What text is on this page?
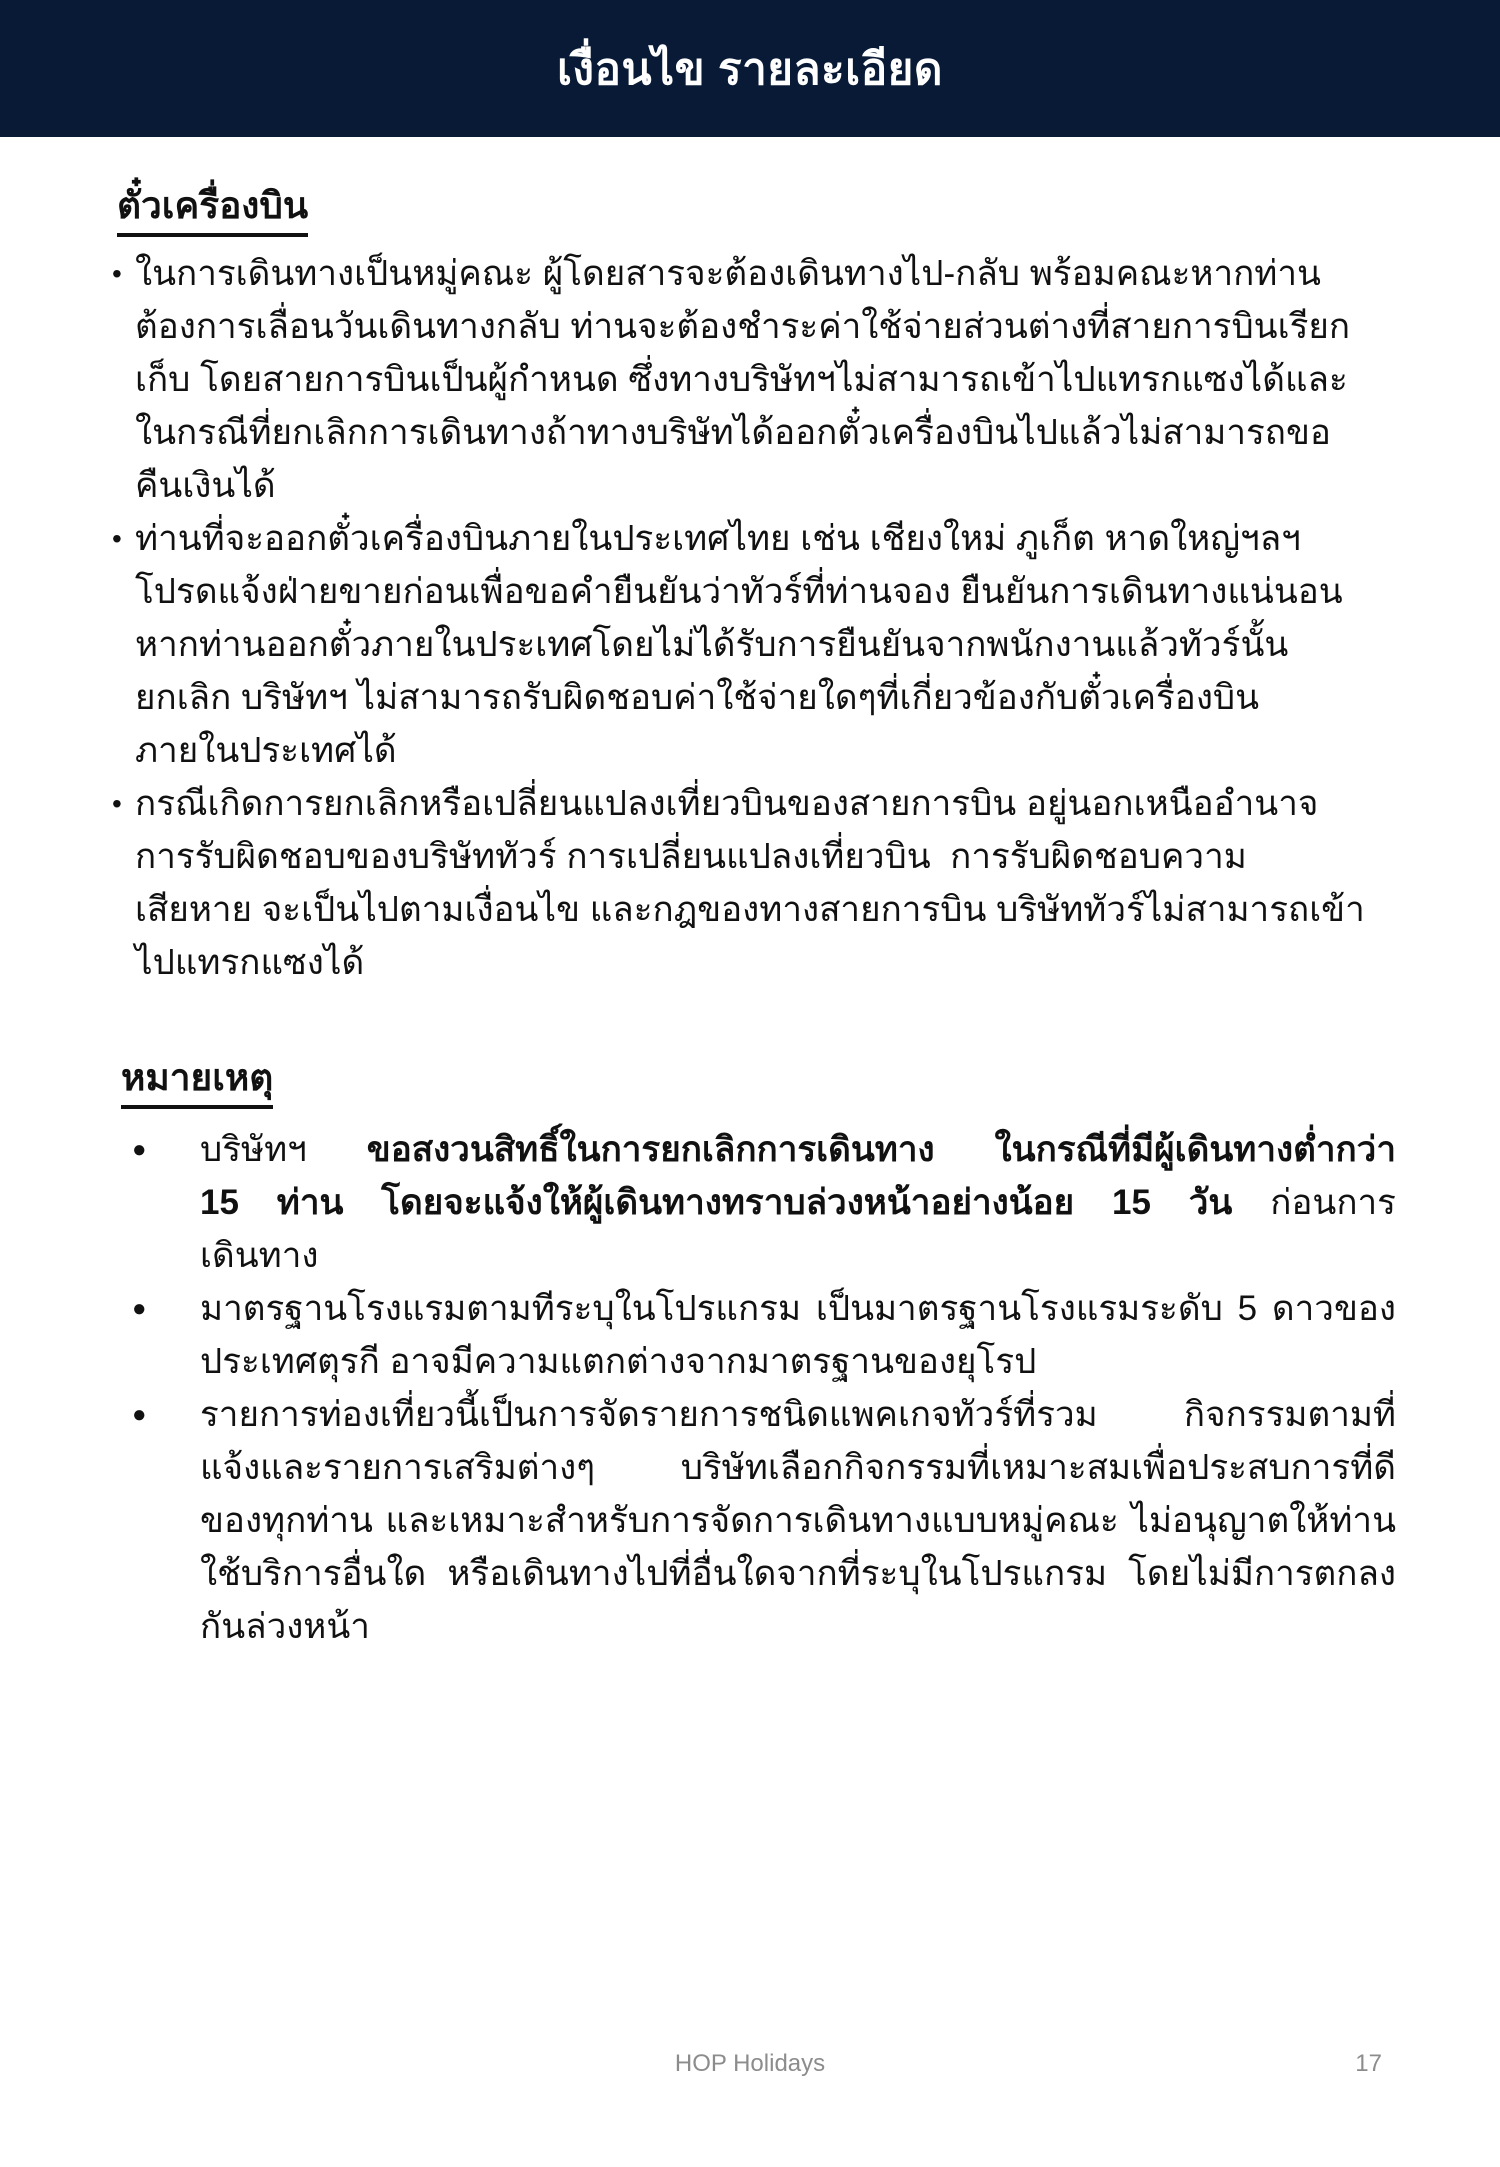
เงื่อนไข รายละเอียด
ตั๋วเครื่องบิน
• ในการเดินทางเป็นหมู่คณะ ผู้โดยสารจะต้องเดินทางไป-กลับ พร้อมคณะหากท่าน
ต้องการเลื่อนวันเดินทางกลับ ท่านจะต้องชำระค่าใช้จ่ายส่วนต่างที่สายการบินเรียก
เก็บ โดยสายการบินเป็นผู้กำหนด ซึ่งทางบริษัทฯไม่สามารถเข้าไปแทรกแซงได้และ
ในกรณีที่ยกเลิกการเดินทางถ้าทางบริษัทได้ออกตั๋วเครื่องบินไปแล้วไม่สามารถขอ
คืนเงินได้
• ท่านที่จะออกตั๋วเครื่องบินภายในประเทศไทย เช่น เชียงใหม่ ภูเก็ต หาดใหญ่ฯลฯ
โปรดแจ้งฝ่ายขายก่อนเพื่อขอคำยืนยันว่าทัวร์ที่ท่านจอง ยืนยันการเดินทางแน่นอน
หากท่านออกตั๋วภายในประเทศโดยไม่ได้รับการยืนยันจากพนักงานแล้วทัวร์นั้น
ยกเลิก บริษัทฯ ไม่สามารถรับผิดชอบค่าใช้จ่ายใดๆที่เกี่ยวข้องกับตั๋วเครื่องบิน
ภายในประเทศได้
• กรณีเกิดการยกเลิกหรือเปลี่ยนแปลงเที่ยวบินของสายการบิน อยู่นอกเหนืออำนาจ
การรับผิดชอบของบริษัททัวร์ การเปลี่ยนแปลงเที่ยวบิน  การรับผิดชอบความ
เสียหาย จะเป็นไปตามเงื่อนไข และกฎของทางสายการบิน บริษัททัวร์ไม่สามารถเข้า
ไปแทรกแซงได้
หมายเหตุ
●	บริษัทฯ ขอสงวนสิทธิ์ในการยกเลิกการเดินทาง ในกรณีที่มีผู้เดินทางต่ำกว่า
15 ท่าน โดยจะแจ้งให้ผู้เดินทางทราบล่วงหน้าอย่างน้อย 15 วัน ก่อนการ
เดินทาง
●	มาตรฐานโรงแรมตามทีระบุในโปรแกรม เป็นมาตรฐานโรงแรมระดับ 5 ดาวของ
ประเทศตุรกี อาจมีความแตกต่างจากมาตรฐานของยุโรป
●	รายการท่องเที่ยวนี้เป็นการจัดรายการชนิดแพคเกจทัวร์ที่รวม กิจกรรมตามที่
แจ้งและรายการเสริมต่างๆ บริษัทเลือกกิจกรรมที่เหมาะสมเพื่อประสบการที่ดี
ของทุกท่าน และเหมาะสำหรับการจัดการเดินทางแบบหมู่คณะ ไม่อนุญาตให้ท่าน
ใช้บริการอื่นใด หรือเดินทางไปที่อื่นใดจากที่ระบุในโปรแกรม โดยไม่มีการตกลง
กันล่วงหน้า
HOP Holidays	17
